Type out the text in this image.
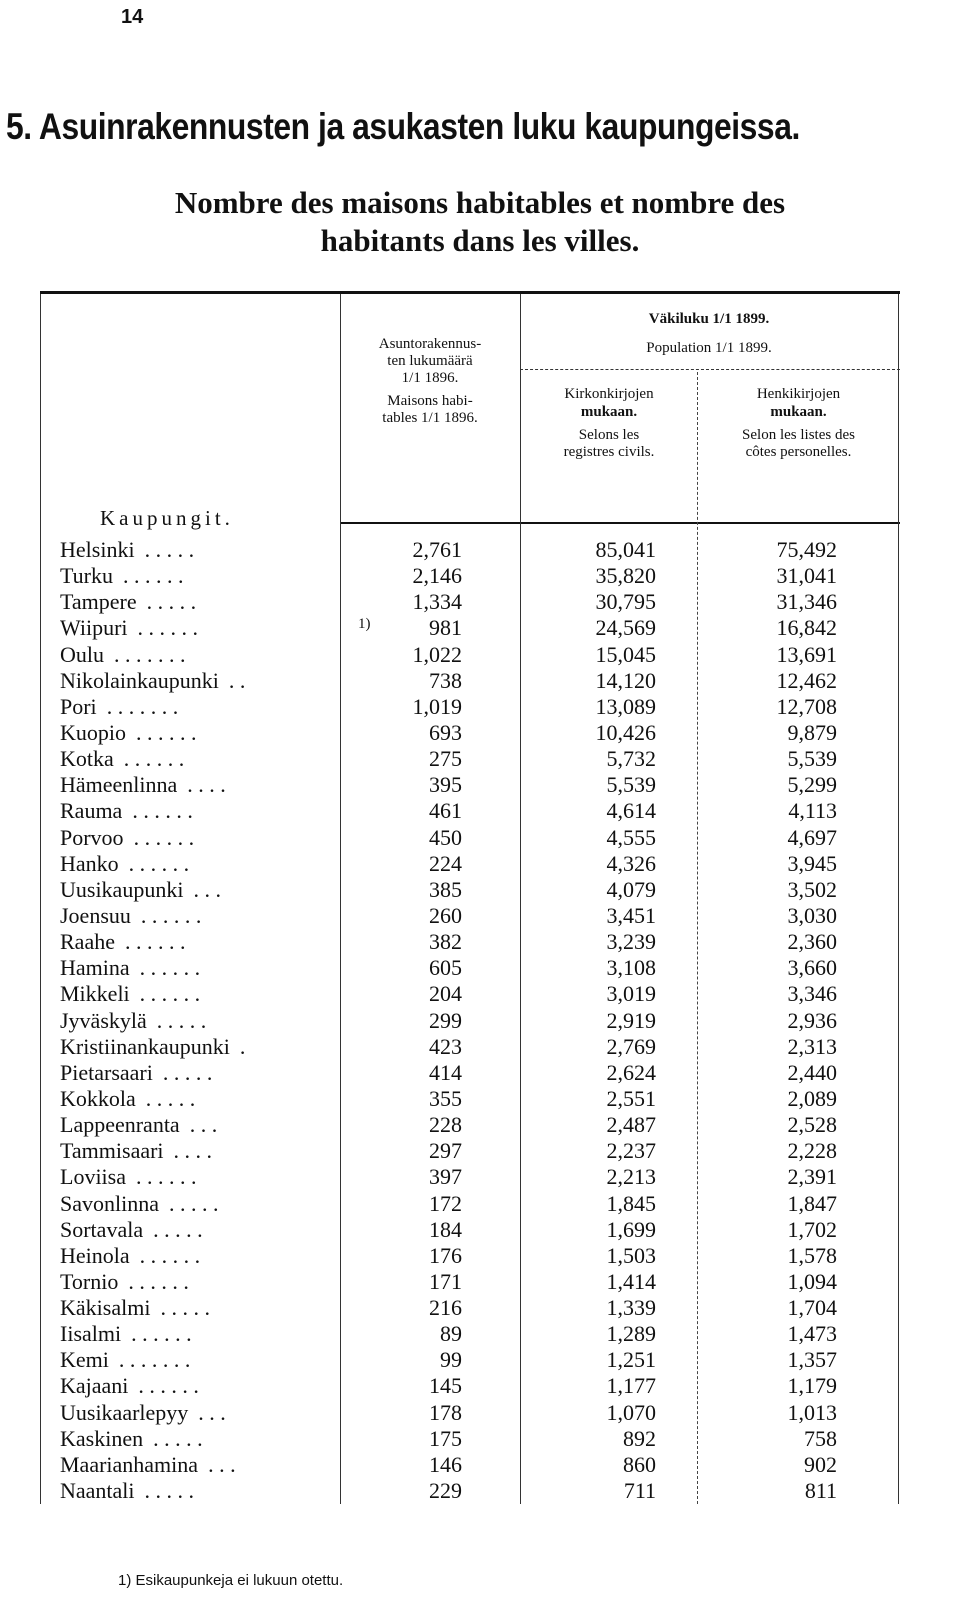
14
5. Asuinrakennusten ja asukasten luku kaupungeissa.
Nombre des maisons habitables et nombre des
habitants dans les villes.
Kaupungit.
Asuntorakennus-
ten lukumäärä
1/1 1896.
Maisons habi-
tables 1/1 1896.
Väkiluku 1/1 1899.
Population 1/1 1899.
Kirkonkirjojen
mukaan.
Selons les
registres civils.
Henkikirjojen
mukaan.
Selon les listes des
côtes personelles.
Helsinki . . . . .	2,761	85,041	75,492
Turku . . . . . .	2,146	35,820	31,041
Tampere . . . . .	1,334	30,795	31,346
Wiipuri . . . . . .	1)	981	24,569	16,842
Oulu . . . . . . .	1,022	15,045	13,691
Nikolainkaupunki . .	738	14,120	12,462
Pori . . . . . . .	1,019	13,089	12,708
Kuopio . . . . . .	693	10,426	9,879
Kotka . . . . . .	275	5,732	5,539
Hämeenlinna . . . .	395	5,539	5,299
Rauma . . . . . .	461	4,614	4,113
Porvoo . . . . . .	450	4,555	4,697
Hanko . . . . . .	224	4,326	3,945
Uusikaupunki . . .	385	4,079	3,502
Joensuu . . . . . .	260	3,451	3,030
Raahe . . . . . .	382	3,239	2,360
Hamina . . . . . .	605	3,108	3,660
Mikkeli . . . . . .	204	3,019	3,346
Jyväskylä . . . . .	299	2,919	2,936
Kristiinankaupunki .	423	2,769	2,313
Pietarsaari . . . . .	414	2,624	2,440
Kokkola . . . . .	355	2,551	2,089
Lappeenranta . . .	228	2,487	2,528
Tammisaari . . . .	297	2,237	2,228
Loviisa . . . . . .	397	2,213	2,391
Savonlinna . . . . .	172	1,845	1,847
Sortavala . . . . .	184	1,699	1,702
Heinola . . . . . .	176	1,503	1,578
Tornio . . . . . .	171	1,414	1,094
Käkisalmi . . . . .	216	1,339	1,704
Iisalmi . . . . . .	89	1,289	1,473
Kemi . . . . . . .	99	1,251	1,357
Kajaani . . . . . .	145	1,177	1,179
Uusikaarlepyy . . .	178	1,070	1,013
Kaskinen . . . . .	175	892	758
Maarianhamina . . .	146	860	902
Naantali . . . . .	229	711	811
1) Esikaupunkeja ei lukuun otettu.
